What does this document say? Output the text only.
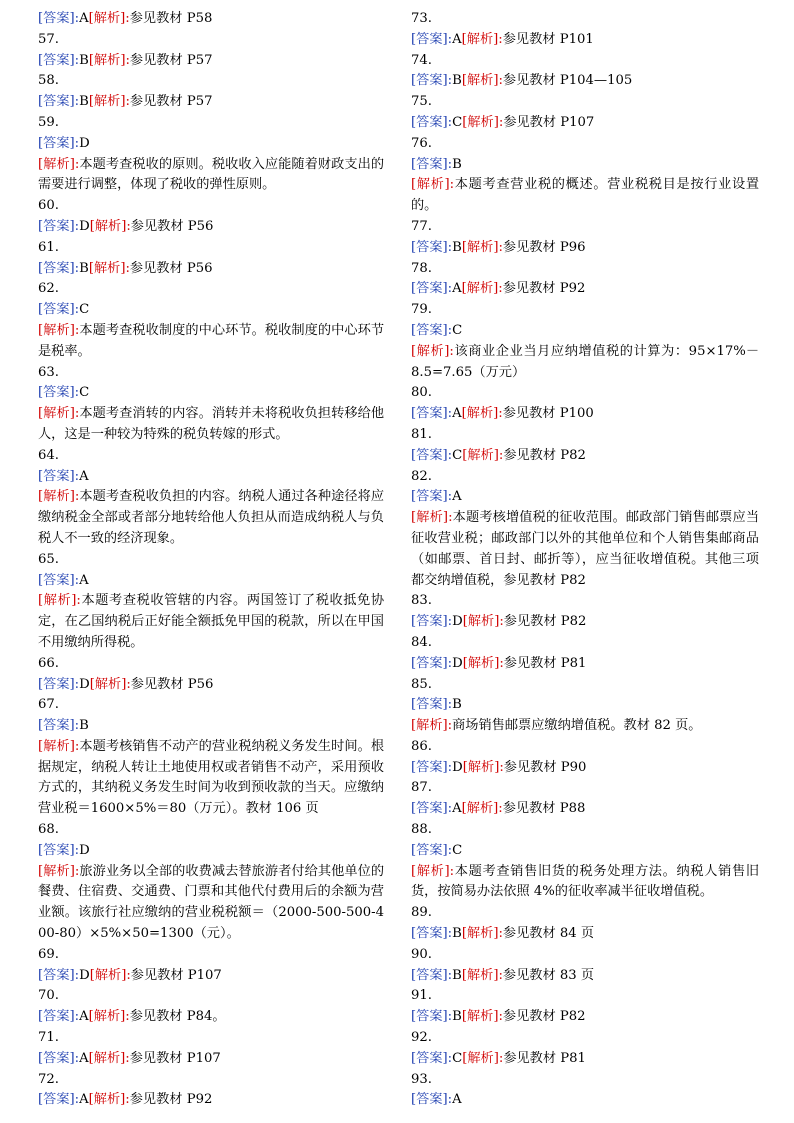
[答案]:A[解析]:参见教材 P58
57.
[答案]:B[解析]:参见教材 P57
58.
[答案]:B[解析]:参见教材 P57
59.
[答案]:D
[解析]:本题考查税收的原则。税收收入应能随着财政支出的需要进行调整，体现了税收的弹性原则。
60.
[答案]:D[解析]:参见教材 P56
61.
[答案]:B[解析]:参见教材 P56
62.
[答案]:C
[解析]:本题考查税收制度的中心环节。税收制度的中心环节是税率。
63.
[答案]:C
[解析]:本题考查消转的内容。消转并未将税收负担转移给他人，这是一种较为特殊的税负转嫁的形式。
64.
[答案]:A
[解析]:本题考查税收负担的内容。纳税人通过各种途径将应缴纳税金全部或者部分地转给他人负担从而造成纳税人与负税人不一致的经济现象。
65.
[答案]:A
[解析]:本题考查税收管辖的内容。两国签订了税收抵免协定，在乙国纳税后正好能全额抵免甲国的税款，所以在甲国不用缴纳所得税。
66.
[答案]:D[解析]:参见教材 P56
67.
[答案]:B
[解析]:本题考核销售不动产的营业税纳税义务发生时间。根据规定，纳税人转让土地使用权或者销售不动产，采用预收方式的，其纳税义务发生时间为收到预收款的当天。应缴纳营业税＝1600×5%＝80（万元）。教材 106 页
68.
[答案]:D
[解析]:旅游业务以全部的收费减去替旅游者付给其他单位的餐费、住宿费、交通费、门票和其他代付费用后的余额为营业额。该旅行社应缴纳的营业税税额＝（2000-500-500-400-80）×5%×50=1300（元）。
69.
[答案]:D[解析]:参见教材 P107
70.
[答案]:A[解析]:参见教材 P84。
71.
[答案]:A[解析]:参见教材 P107
72.
[答案]:A[解析]:参见教材 P92
73.
[答案]:A[解析]:参见教材 P101
74.
[答案]:B[解析]:参见教材 P104—105
75.
[答案]:C[解析]:参见教材 P107
76.
[答案]:B
[解析]:本题考查营业税的概述。营业税税目是按行业设置的。
77.
[答案]:B[解析]:参见教材 P96
78.
[答案]:A[解析]:参见教材 P92
79.
[答案]:C
[解析]:该商业企业当月应纳增值税的计算为：95×17%－8.5=7.65（万元）
80.
[答案]:A[解析]:参见教材 P100
81.
[答案]:C[解析]:参见教材 P82
82.
[答案]:A
[解析]:本题考核增值税的征收范围。邮政部门销售邮票应当征收营业税；邮政部门以外的其他单位和个人销售集邮商品（如邮票、首日封、邮折等），应当征收增值税。其他三项都交纳增值税，参见教材 P82
83.
[答案]:D[解析]:参见教材 P82
84.
[答案]:D[解析]:参见教材 P81
85.
[答案]:B
[解析]:商场销售邮票应缴纳增值税。教材 82 页。
86.
[答案]:D[解析]:参见教材 P90
87.
[答案]:A[解析]:参见教材 P88
88.
[答案]:C
[解析]:本题考查销售旧货的税务处理方法。纳税人销售旧货，按简易办法依照 4%的征收率减半征收增值税。
89.
[答案]:B[解析]:参见教材 84 页
90.
[答案]:B[解析]:参见教材 83 页
91.
[答案]:B[解析]:参见教材 P82
92.
[答案]:C[解析]:参见教材 P81
93.
[答案]:A
